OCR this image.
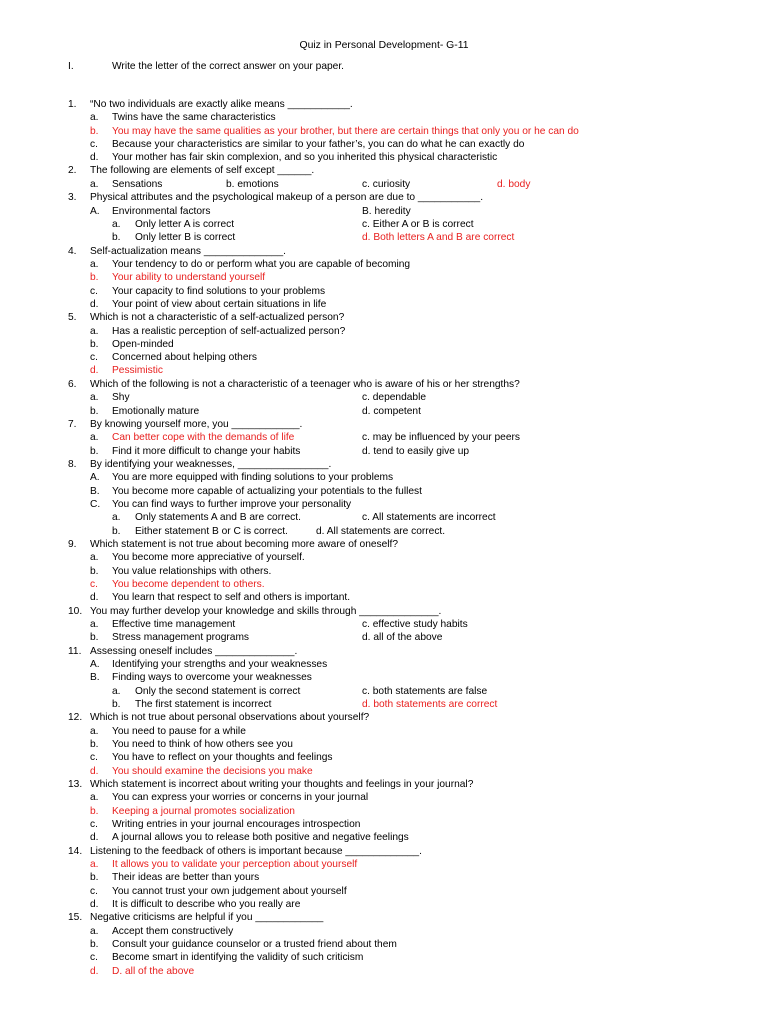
Quiz in Personal Development- G-11
I.	Write the letter of the correct answer on your paper.
1. “No two individuals are exactly alike means ___________.
a. Twins have the same characteristics
b. You may have the same qualities as your brother, but there are certain things that only you or he can do
c. Because your characteristics are similar to your father’s, you can do what he can exactly do
d. Your mother has fair skin complexion, and so you inherited this physical characteristic
2. The following are elements of self except ______.
a. Sensations	b. emotions	c. curiosity	d. body
3. Physical attributes and the psychological makeup of a person are due to ___________.
A. Environmental factors	B. heredity
a. Only letter A is correct	c. Either A or B is correct
b. Only letter B is correct	d. Both letters A and B are correct
4. Self-actualization means ______________.
a. Your tendency to do or perform what you are capable of becoming
b. Your ability to understand yourself
c. Your capacity to find solutions to your problems
d. Your point of view about certain situations in life
5. Which is not a characteristic of a self-actualized person?
a. Has a realistic perception of self-actualized person?
b. Open-minded
c. Concerned about helping others
d. Pessimistic
6. Which of the following is not a characteristic of a teenager who is aware of his or her strengths?
a. Shy	c. dependable
b. Emotionally mature	d. competent
7. By knowing yourself more, you ____________.
a. Can better cope with the demands of life	c. may be influenced by your peers
b. Find it more difficult to change your habits	d. tend to easily give up
8. By identifying your weaknesses, ________________.
A. You are more equipped with finding solutions to your problems
B. You become more capable of actualizing your potentials to the fullest
C. You can find ways to further improve your personality
a. Only statements A and B are correct.	c. All statements are incorrect
b. Either statement B or C is correct.	d. All statements are correct.
9. Which statement is not true about becoming more aware of oneself?
a. You become more appreciative of yourself.
b. You value relationships with others.
c. You become dependent to others.
d. You learn that respect to self and others is important.
10. You may further develop your knowledge and skills through ______________.
a. Effective time management	c. effective study habits
b. Stress management programs	d. all of the above
11. Assessing oneself includes ______________.
A. Identifying your strengths and your weaknesses
B. Finding ways to overcome your weaknesses
a. Only the second statement is correct	c. both statements are false
b. The first statement is incorrect	d. both statements are correct
12. Which is not true about personal observations about yourself?
a. You need to pause for a while
b. You need to think of how others see you
c. You have to reflect on your thoughts and feelings
d. You should examine the decisions you make
13. Which statement is incorrect about writing your thoughts and feelings in your journal?
a. You can express your worries or concerns in your journal
b. Keeping a journal promotes socialization
c. Writing entries in your journal encourages introspection
d. A journal allows you to release both positive and negative feelings
14. Listening to the feedback of others is important because _____________.
a. It allows you to validate your perception about yourself
b. Their ideas are better than yours
c. You cannot trust your own judgement about yourself
d. It is difficult to describe who you really are
15. Negative criticisms are helpful if you ____________
a. Accept them constructively
b. Consult your guidance counselor or a trusted friend about them
c. Become smart in identifying the validity of such criticism
d. D. all of the above
